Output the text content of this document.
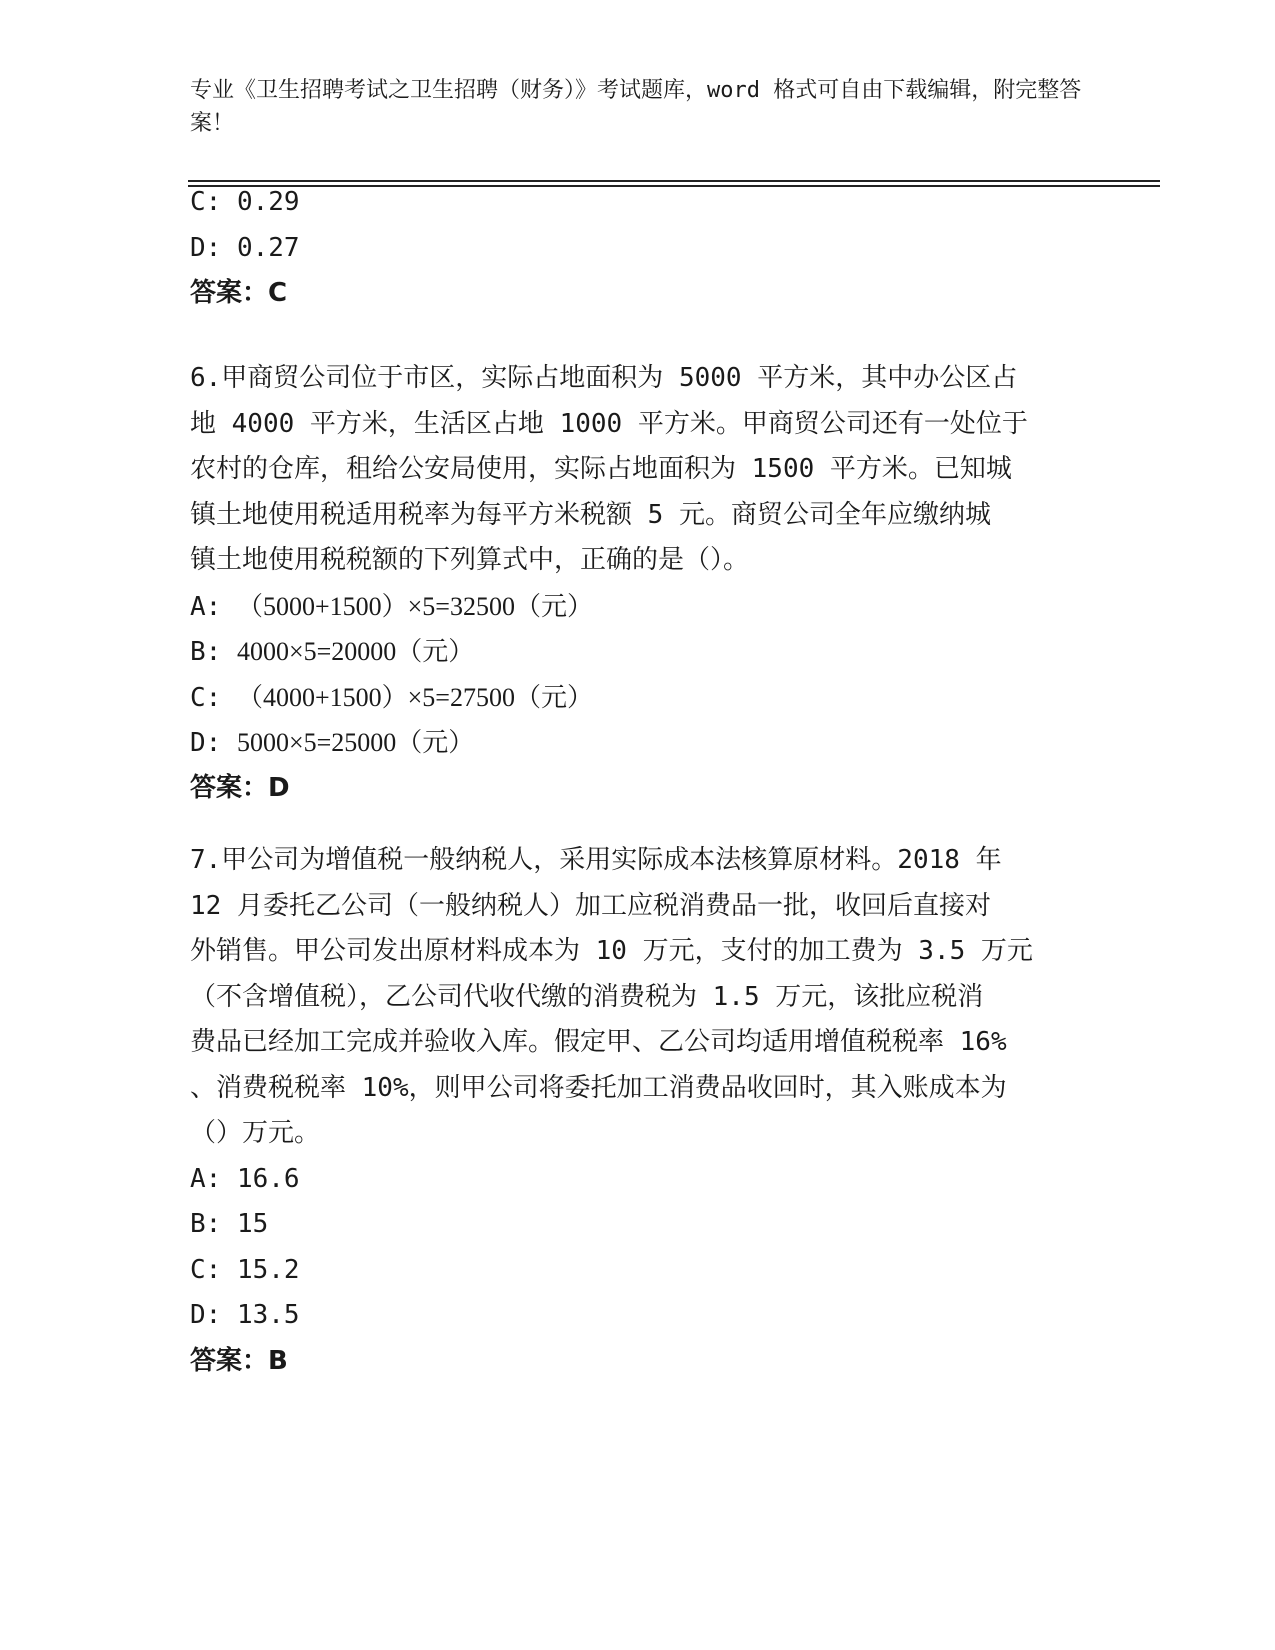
专业《卫生招聘考试之卫生招聘（财务）》考试题库，word 格式可自由下载编辑，附完整答案！
C: 0.29
D: 0.27
答案：C
6.甲商贸公司位于市区，实际占地面积为 5000 平方米，其中办公区占
地 4000 平方米，生活区占地 1000 平方米。甲商贸公司还有一处位于
农村的仓库，租给公安局使用，实际占地面积为 1500 平方米。已知城
镇土地使用税适用税率为每平方米税额 5 元。商贸公司全年应缴纳城
镇土地使用税税额的下列算式中，正确的是（）。
A: （5000+1500）×5=32500（元）
B: 4000×5=20000（元）
C: （4000+1500）×5=27500（元）
D: 5000×5=25000（元）
答案：D
7.甲公司为增值税一般纳税人，采用实际成本法核算原材料。2018 年
12 月委托乙公司（一般纳税人）加工应税消费品一批，收回后直接对
外销售。甲公司发出原材料成本为 10 万元，支付的加工费为 3.5 万元
（不含增值税），乙公司代收代缴的消费税为 1.5 万元，该批应税消
费品已经加工完成并验收入库。假定甲、乙公司均适用增值税税率 16%
、消费税税率 10%，则甲公司将委托加工消费品收回时，其入账成本为
（）万元。
A: 16.6
B: 15
C: 15.2
D: 13.5
答案：B
